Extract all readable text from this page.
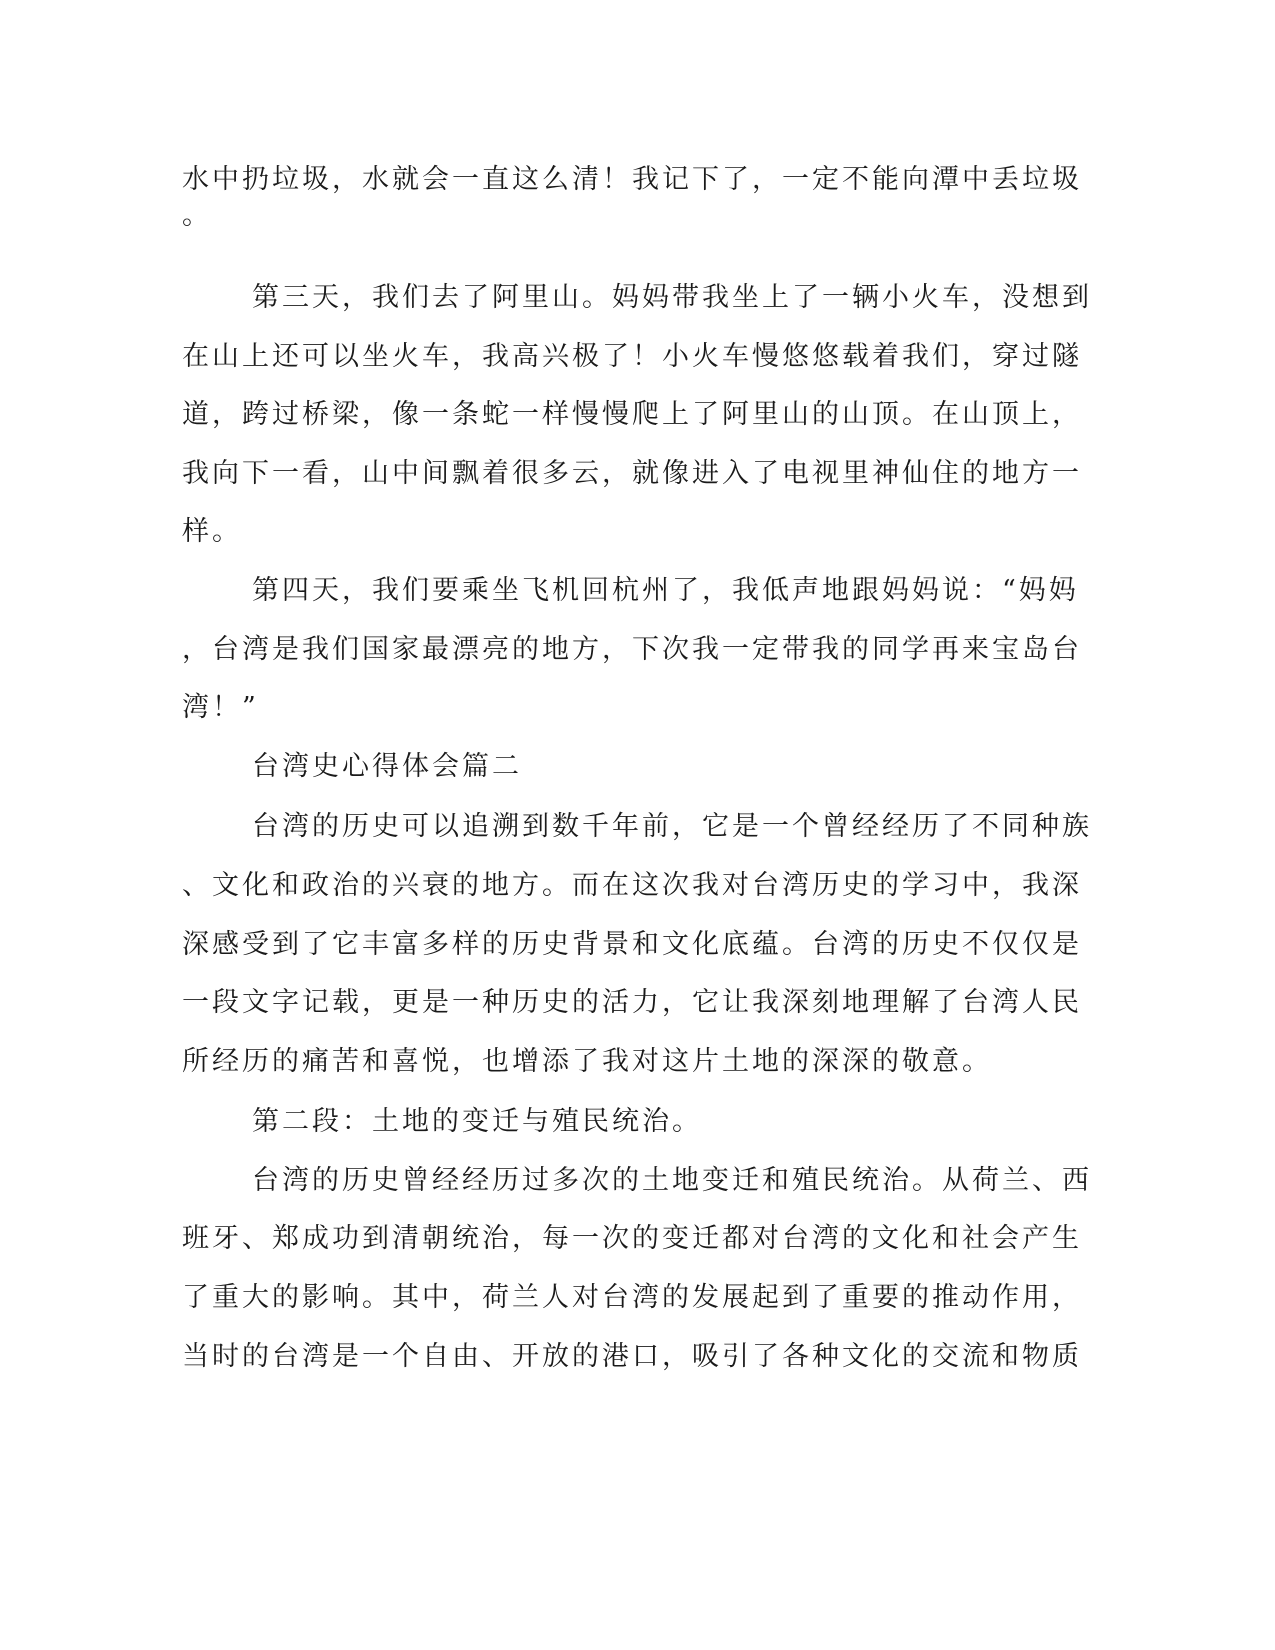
水中扔垃圾，水就会一直这么清！我记下了，一定不能向潭中丢垃圾
。
第三天，我们去了阿里山。妈妈带我坐上了一辆小火车，没想到
在山上还可以坐火车，我高兴极了！小火车慢悠悠载着我们，穿过隧
道，跨过桥梁，像一条蛇一样慢慢爬上了阿里山的山顶。在山顶上，
我向下一看，山中间飘着很多云，就像进入了电视里神仙住的地方一
样。
第四天，我们要乘坐飞机回杭州了，我低声地跟妈妈说：“妈妈
，台湾是我们国家最漂亮的地方，下次我一定带我的同学再来宝岛台
湾！”
台湾史心得体会篇二
台湾的历史可以追溯到数千年前，它是一个曾经经历了不同种族
、文化和政治的兴衰的地方。而在这次我对台湾历史的学习中，我深
深感受到了它丰富多样的历史背景和文化底蕴。台湾的历史不仅仅是
一段文字记载，更是一种历史的活力，它让我深刻地理解了台湾人民
所经历的痛苦和喜悦，也增添了我对这片土地的深深的敬意。
第二段：土地的变迁与殖民统治。
台湾的历史曾经经历过多次的土地变迁和殖民统治。从荷兰、西
班牙、郑成功到清朝统治，每一次的变迁都对台湾的文化和社会产生
了重大的影响。其中，荷兰人对台湾的发展起到了重要的推动作用，
当时的台湾是一个自由、开放的港口，吸引了各种文化的交流和物质
